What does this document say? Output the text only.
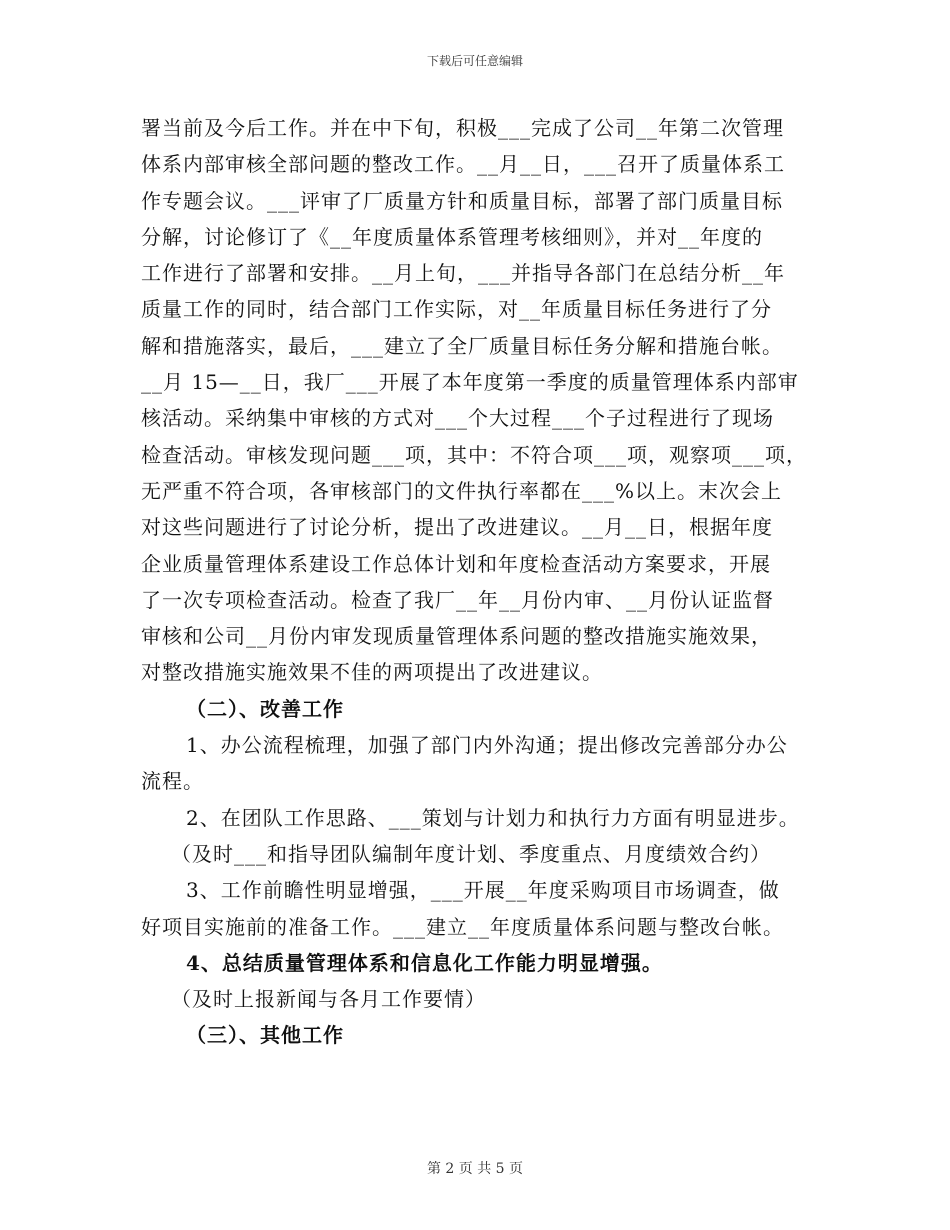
下载后可任意编辑
署当前及今后工作。并在中下旬，积极___完成了公司__年第二次管理
体系内部审核全部问题的整改工作。__月__日，___召开了质量体系工
作专题会议。___评审了厂质量方针和质量目标，部署了部门质量目标
分解，讨论修订了《__年度质量体系管理考核细则》，并对__年度的
工作进行了部署和安排。__月上旬，___并指导各部门在总结分析__年
质量工作的同时，结合部门工作实际，对__年质量目标任务进行了分
解和措施落实，最后，___建立了全厂质量目标任务分解和措施台帐。
__月 15—__日，我厂___开展了本年度第一季度的质量管理体系内部审
核活动。采纳集中审核的方式对___个大过程___个子过程进行了现场
检查活动。审核发现问题___项，其中：不符合项___项，观察项___项，
无严重不符合项，各审核部门的文件执行率都在___%以上。末次会上
对这些问题进行了讨论分析，提出了改进建议。__月__日，根据年度
企业质量管理体系建设工作总体计划和年度检查活动方案要求，开展
了一次专项检查活动。检查了我厂__年__月份内审、__月份认证监督
审核和公司__月份内审发现质量管理体系问题的整改措施实施效果，
对整改措施实施效果不佳的两项提出了改进建议。
（二）、改善工作
1、办公流程梳理，加强了部门内外沟通；提出修改完善部分办公
流程。
2、在团队工作思路、___策划与计划力和执行力方面有明显进步。
（及时___和指导团队编制年度计划、季度重点、月度绩效合约）
3、工作前瞻性明显增强，___开展__年度采购项目市场调查，做
好项目实施前的准备工作。___建立__年度质量体系问题与整改台帐。
4、总结质量管理体系和信息化工作能力明显增强。
（及时上报新闻与各月工作要情）
（三）、其他工作
第 2 页 共 5 页
